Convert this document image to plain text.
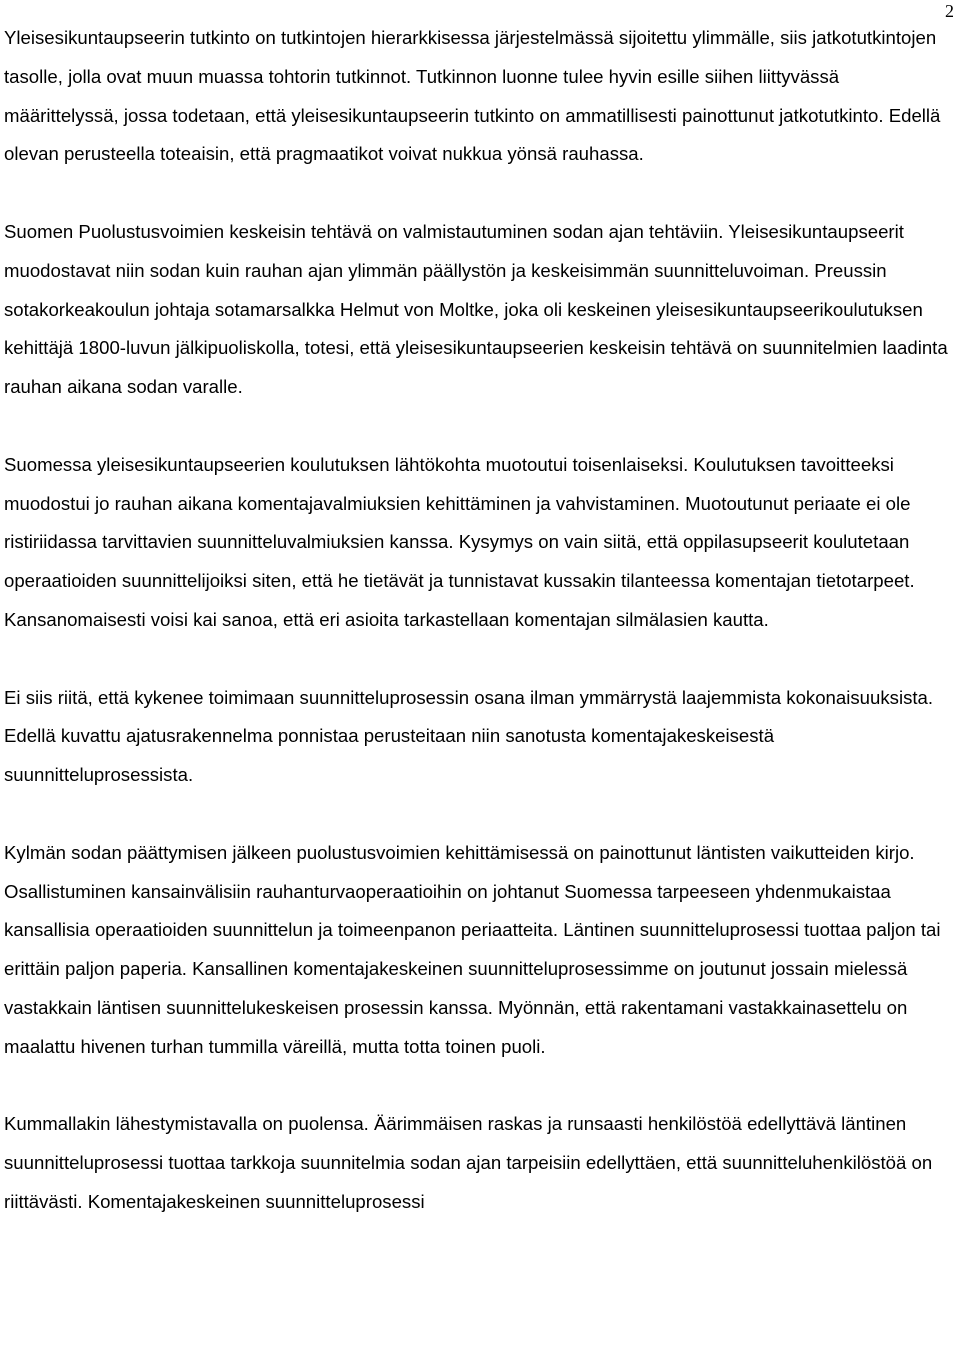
2

Yleisesikuntaupseerin tutkinto on tutkintojen hierarkkisessa järjestelmässä sijoitettu ylimmälle, siis jatkotutkintojen tasolle, jolla ovat muun muassa tohtorin tutkinnot. Tutkinnon luonne tulee hyvin esille siihen liittyvässä määrittelyssä, jossa todetaan, että yleisesikuntaupseerin tutkinto on ammatillisesti painottunut jatkotutkinto. Edellä olevan perusteella toteaisin, että pragmaatikot voivat nukkua yönsä rauhassa.

Suomen Puolustusvoimien keskeisin tehtävä on valmistautuminen sodan ajan tehtäviin. Yleisesikuntaupseerit muodostavat niin sodan kuin rauhan ajan ylimmän päällystön ja keskeisimmän suunnitteluvoiman. Preussin sotakorkeakoulun johtaja sotamarsalkka Helmut von Moltke, joka oli keskeinen yleisesikuntaupseerikoulutuksen kehittäjä 1800-luvun jälkipuoliskolla, totesi, että yleisesikuntaupseerien keskeisin tehtävä on suunnitelmien laadinta rauhan aikana sodan varalle.

Suomessa yleisesikuntaupseerien koulutuksen lähtökohta muotoutui toisenlaiseksi. Koulutuksen tavoitteeksi muodostui jo rauhan aikana komentajavalmiuksien kehittäminen ja vahvistaminen. Muotoutunut periaate ei ole ristiriidassa tarvittavien suunnitteluvalmiuksien kanssa. Kysymys on vain siitä, että oppilasupseerit koulutetaan operaatioiden suunnittelijoiksi siten, että he tietävät ja tunnistavat kussakin tilanteessa komentajan tietotarpeet. Kansanomaisesti voisi kai sanoa, että eri asioita tarkastellaan komentajan silmälasien kautta.

Ei siis riitä, että kykenee toimimaan suunnitteluprosessin osana ilman ymmärrystä laajemmista kokonaisuuksista. Edellä kuvattu ajatusrakennelma ponnistaa perusteitaan niin sanotusta komentajakeskeisestä suunnitteluprosessista.

Kylmän sodan päättymisen jälkeen puolustusvoimien kehittämisessä on painottunut läntisten vaikutteiden kirjo. Osallistuminen kansainvälisiin rauhanturvaoperaatioihin on johtanut Suomessa tarpeeseen yhdenmukaistaa kansallisia operaatioiden suunnittelun ja toimeenpanon periaatteita. Läntinen suunnitteluprosessi tuottaa paljon tai erittäin paljon paperia. Kansallinen komentajakeskeinen suunnitteluprosessimme on joutunut jossain mielessä vastakkain läntisen suunnittelukeskeisen prosessin kanssa. Myönnän, että rakentamani vastakkainasettelu on maalattu hivenen turhan tummilla väreillä, mutta totta toinen puoli.

Kummallakin lähestymistavalla on puolensa. Äärimmäisen raskas ja runsaasti henkilöstöä edellyttävä läntinen suunnitteluprosessi tuottaa tarkkoja suunnitelmia sodan ajan tarpeisiin edellyttäen, että suunnitteluhenkilöstöä on riittävästi. Komentajakeskeinen suunnitteluprosessi
